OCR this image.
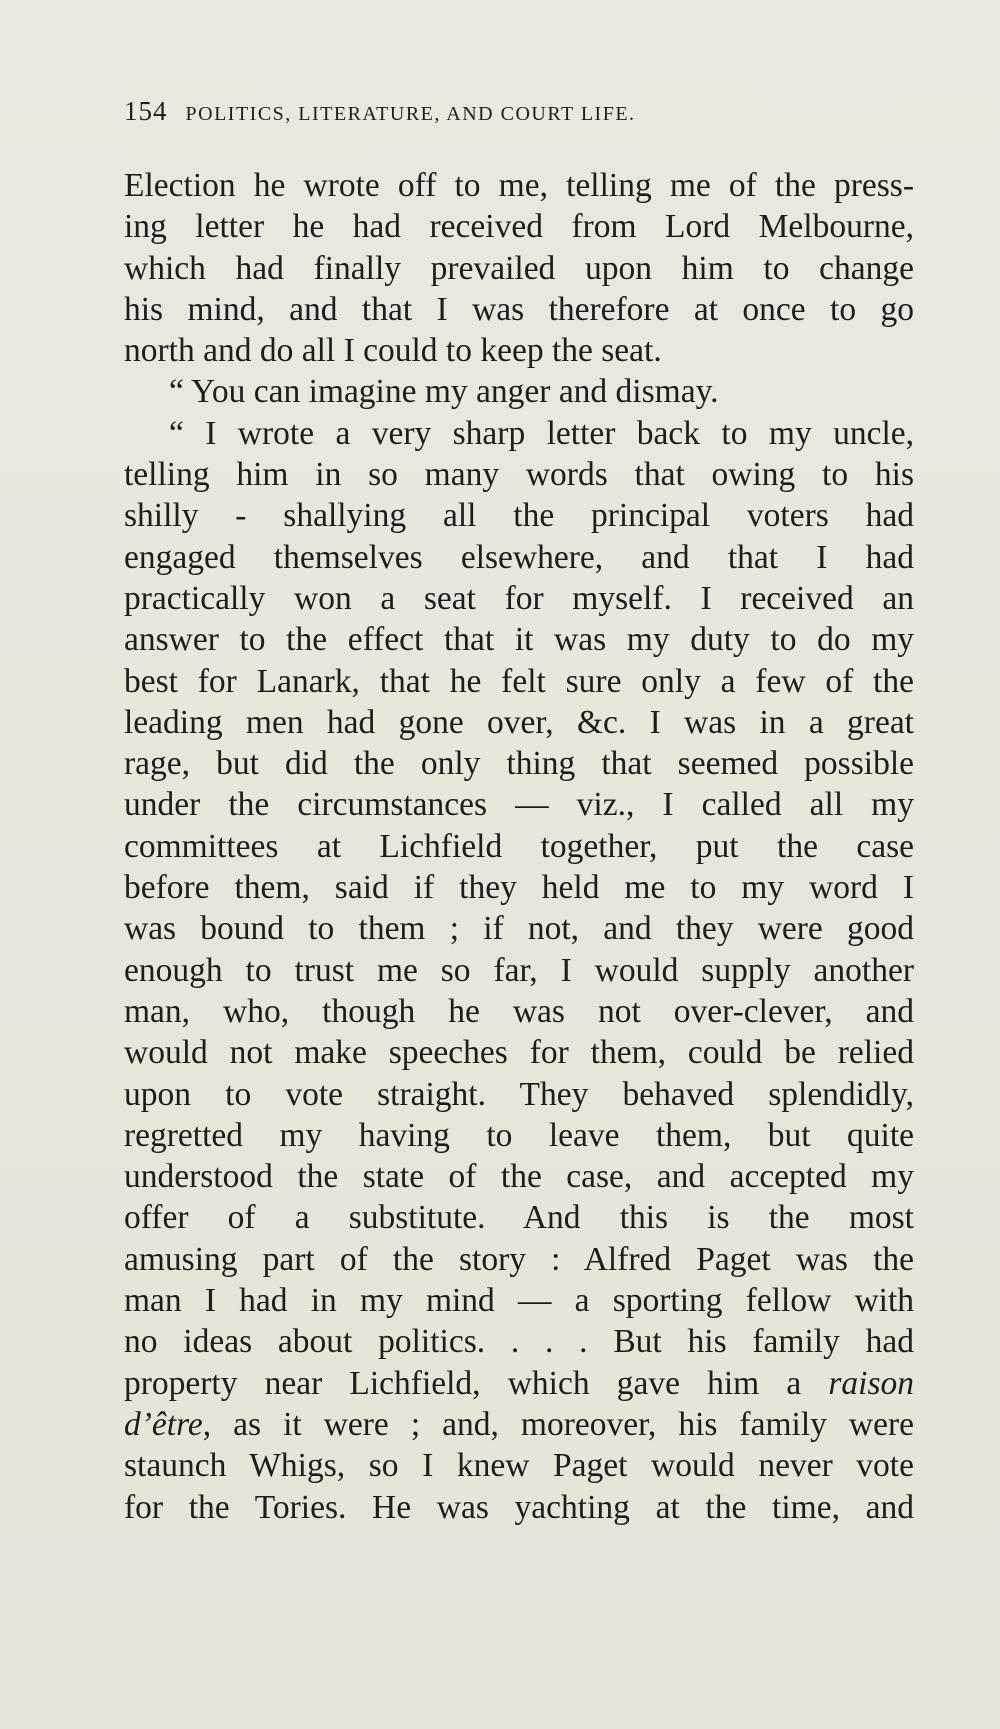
154 POLITICS, LITERATURE, AND COURT LIFE.
Election he wrote off to me, telling me of the press-
ing letter he had received from Lord Melbourne,
which had finally prevailed upon him to change
his mind, and that I was therefore at once to go
north and do all I could to keep the seat.
“ You can imagine my anger and dismay.
“ I wrote a very sharp letter back to my uncle,
telling him in so many words that owing to his
shilly - shallying all the principal voters had
engaged themselves elsewhere, and that I had
practically won a seat for myself. I received an
answer to the effect that it was my duty to do my
best for Lanark, that he felt sure only a few of the
leading men had gone over, &c. I was in a great
rage, but did the only thing that seemed possible
under the circumstances — viz., I called all my
committees at Lichfield together, put the case
before them, said if they held me to my word I
was bound to them ; if not, and they were good
enough to trust me so far, I would supply another
man, who, though he was not over-clever, and
would not make speeches for them, could be relied
upon to vote straight. They behaved splendidly,
regretted my having to leave them, but quite
understood the state of the case, and accepted my
offer of a substitute. And this is the most
amusing part of the story : Alfred Paget was the
man I had in my mind — a sporting fellow with
no ideas about politics. . . . But his family had
property near Lichfield, which gave him a raison
d’être, as it were ; and, moreover, his family were
staunch Whigs, so I knew Paget would never vote
for the Tories. He was yachting at the time, and
